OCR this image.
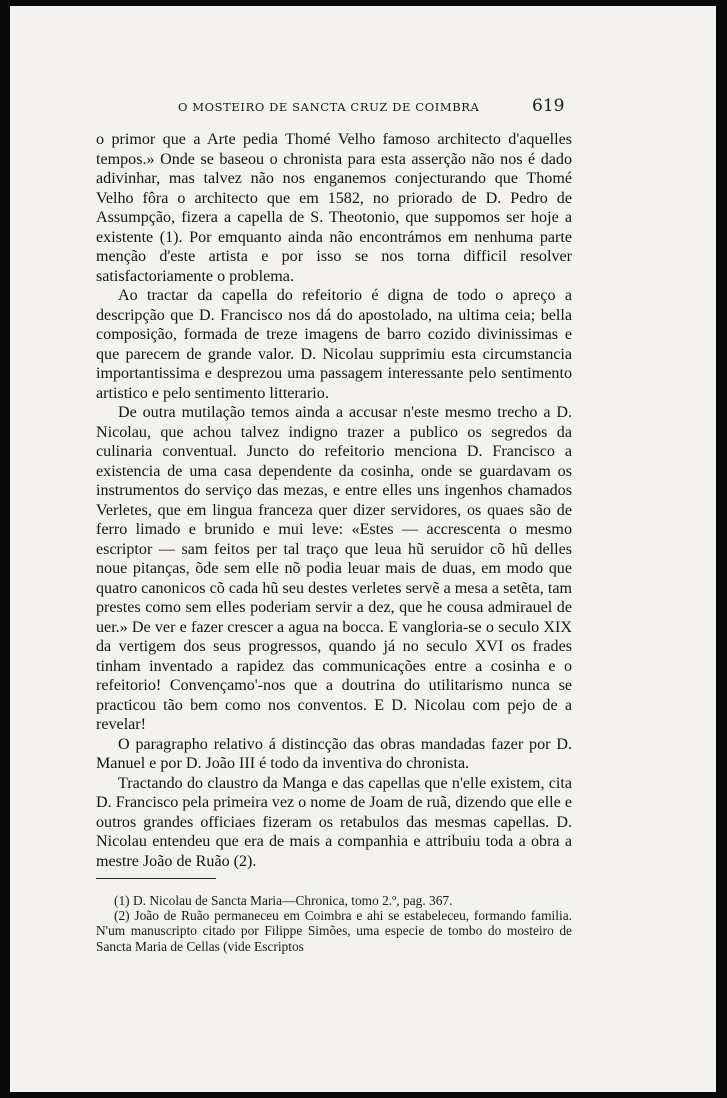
O MOSTEIRO DE SANCTA CRUZ DE COIMBRA	619

o primor que a Arte pedia Thomé Velho famoso architecto d'aquelles tempos.» Onde se baseou o chronista para esta asserção não nos é dado adivinhar, mas talvez não nos enganemos conjecturando que Thomé Velho fôra o architecto que em 1582, no priorado de D. Pedro de Assumpção, fizera a capella de S. Theotonio, que suppomos ser hoje a existente (1). Por emquanto ainda não encontrámos em nenhuma parte menção d'este artista e por isso se nos torna difficil resolver satisfactoriamente o problema.

Ao tractar da capella do refeitorio é digna de todo o apreço a descripção que D. Francisco nos dá do apostolado, na ultima ceia; bella composição, formada de treze imagens de barro cozido divinissimas e que parecem de grande valor. D. Nicolau supprimiu esta circumstancia importantissima e desprezou uma passagem interessante pelo sentimento artistico e pelo sentimento litterario.

De outra mutilação temos ainda a accusar n'este mesmo trecho a D. Nicolau, que achou talvez indigno trazer a publico os segredos da culinaria conventual. Juncto do refeitorio menciona D. Francisco a existencia de uma casa dependente da cosinha, onde se guardavam os instrumentos do serviço das mezas, e entre elles uns ingenhos chamados Verletes, que em lingua franceza quer dizer servidores, os quaes são de ferro limado e brunido e mui leve: «Estes — accrescenta o mesmo escriptor — sam feitos per tal traço que leua hũ seruidor cõ hũ delles noue pitanças, õde sem elle nõ podia leuar mais de duas, em modo que quatro canonicos cõ cada hũ seu destes verletes servẽ a mesa a setẽta, tam prestes como sem elles poderiam servir a dez, que he cousa admirauel de uer.» De ver e fazer crescer a agua na bocca. E vangloria-se o seculo XIX da vertigem dos seus progressos, quando já no seculo XVI os frades tinham inventado a rapidez das communicações entre a cosinha e o refeitorio! Convençamo'-nos que a doutrina do utilitarismo nunca se practicou tão bem como nos conventos. E D. Nicolau com pejo de a revelar!

O paragrapho relativo á distincção das obras mandadas fazer por D. Manuel e por D. João III é todo da inventiva do chronista.

Tractando do claustro da Manga e das capellas que n'elle existem, cita D. Francisco pela primeira vez o nome de Joam de ruã, dizendo que elle e outros grandes officiaes fizeram os retabulos das mesmas capellas. D. Nicolau entendeu que era de mais a companhia e attribuiu toda a obra a mestre João de Ruão (2).

(1) D. Nicolau de Sancta Maria—Chronica, tomo 2.º, pag. 367.

(2) João de Ruão permaneceu em Coimbra e ahi se estabeleceu, formando familia. N'um manuscripto citado por Filippe Simões, uma especie de tombo do mosteiro de Sancta Maria de Cellas (vide Escriptos
